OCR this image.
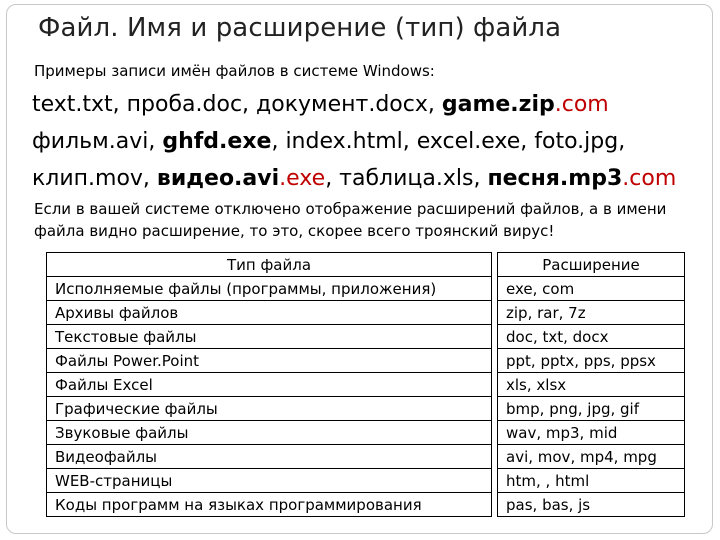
Файл. Имя и расширение (тип) файла
Примеры записи имён файлов в системе Windows:
text.txt, проба.doc, документ.docx, game.zip.com
фильм.avi, ghfd.exe, index.html, excel.exe, foto.jpg,
клип.mov, видео.avi.exe, таблица.xls, песня.mp3.com
Если в вашей системе отключено отображение расширений файлов, а в имени файла видно расширение, то это, скорее всего троянский вирус!
Тип файла		Расширение
Исполняемые файлы (программы, приложения)		exe, com
Архивы файлов		zip, rar, 7z
Текстовые файлы		doc, txt, docx
Файлы Power.Point		ppt, pptx, pps, ppsx
Файлы Excel		xls, xlsx
Графические файлы		bmp, png, jpg, gif
Звуковые файлы		wav, mp3, mid
Видеофайлы		avi, mov, mp4, mpg
WEB-страницы		htm, , html
Коды программ на языках программирования		pas, bas, js
